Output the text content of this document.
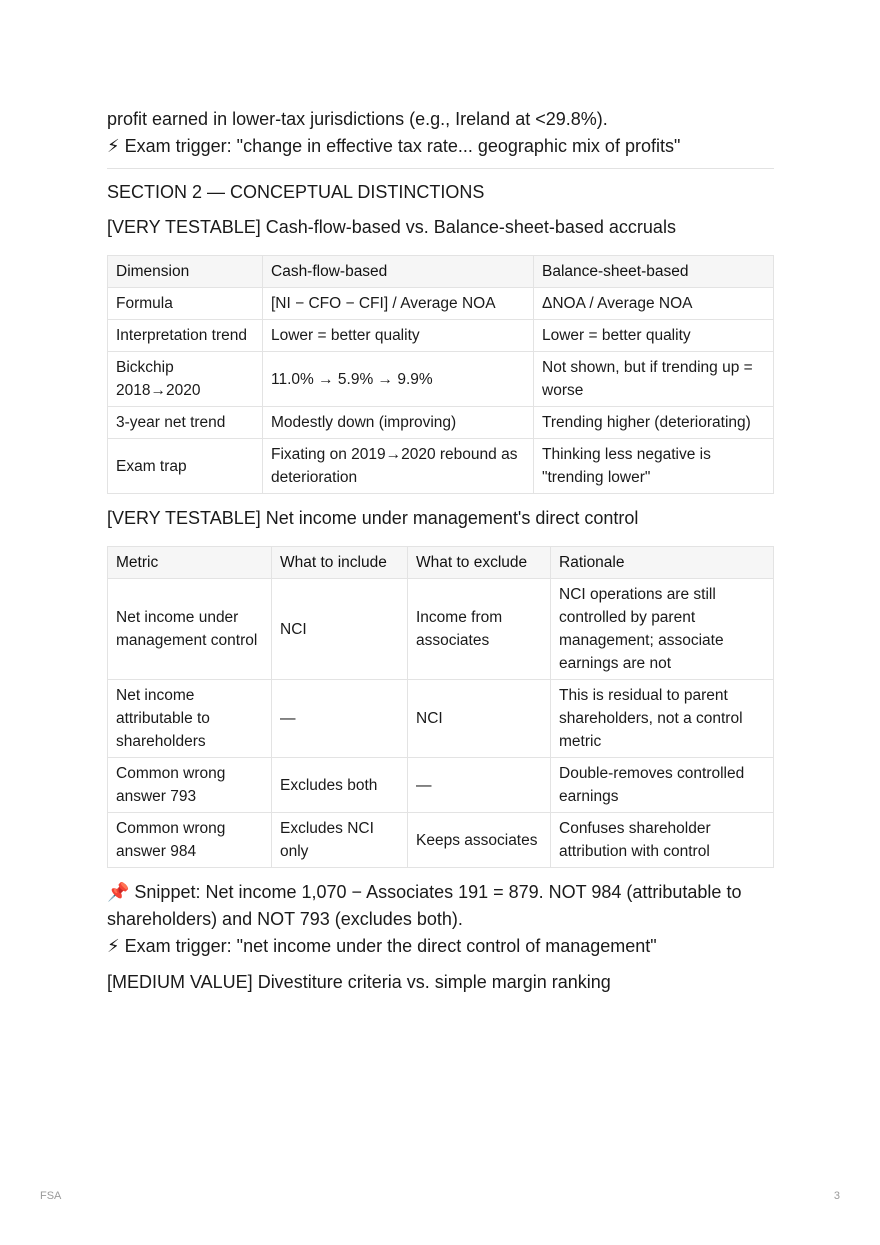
profit earned in lower-tax jurisdictions (e.g., Ireland at <29.8%).

⚡ Exam trigger: "change in effective tax rate... geographic mix of profits"

SECTION 2 — CONCEPTUAL DISTINCTIONS

[VERY TESTABLE] Cash-flow-based vs. Balance-sheet-based accruals

Dimension	Cash-flow-based	Balance-sheet-based
Formula	[NI − CFO − CFI] / Average NOA	ΔNOA / Average NOA
Interpretation trend	Lower = better quality	Lower = better quality
Bickchip 2018→2020	11.0% → 5.9% → 9.9%	Not shown, but if trending up = worse
3-year net trend	Modestly down (improving)	Trending higher (deteriorating)
Exam trap	Fixating on 2019→2020 rebound as deterioration	Thinking less negative is "trending lower"

[VERY TESTABLE] Net income under management's direct control

Metric	What to include	What to exclude	Rationale
Net income under management control	NCI	Income from associates	NCI operations are still controlled by parent management; associate earnings are not
Net income attributable to shareholders	—	NCI	This is residual to parent shareholders, not a control metric
Common wrong answer 793	Excludes both	—	Double-removes controlled earnings
Common wrong answer 984	Excludes NCI only	Keeps associates	Confuses shareholder attribution with control

📌 Snippet: Net income 1,070 − Associates 191 = 879. NOT 984 (attributable to shareholders) and NOT 793 (excludes both).

⚡ Exam trigger: "net income under the direct control of management"

[MEDIUM VALUE] Divestiture criteria vs. simple margin ranking

FSA	3
